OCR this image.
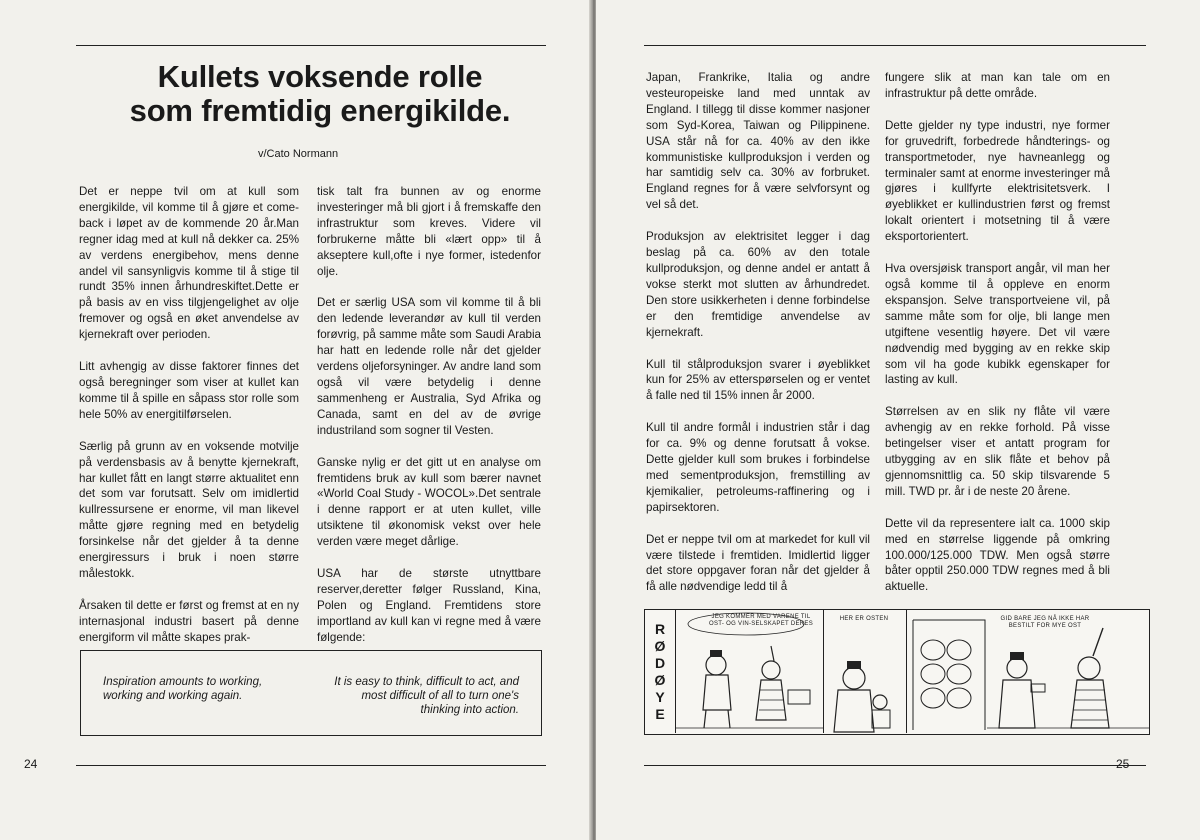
Kullets voksende rolle
som fremtidig energikilde.

v/Cato Normann

Det er neppe tvil om at kull som energikilde, vil komme til å gjøre et come-back i løpet av de kommende 20 år.Man regner idag med at kull nå dekker ca. 25% av verdens energibehov, mens denne andel vil sansynligvis komme til å stige til rundt 35% innen århundreskiftet.Dette er på basis av en viss tilgjengelighet av olje fremover og også en øket anvendelse av kjernekraft over perioden.

Litt avhengig av disse faktorer finnes det også beregninger som viser at kullet kan komme til å spille en såpass stor rolle som hele 50% av energitilførselen.

Særlig på grunn av en voksende motvilje på verdensbasis av å benytte kjernekraft, har kullet fått en langt større aktualitet enn det som var forutsatt. Selv om imidlertid kullressursene er enorme, vil man likevel måtte gjøre regning med en betydelig forsinkelse når det gjelder å ta denne energiressurs i bruk i noen større målestokk.

Årsaken til dette er først og fremst at en ny internasjonal industri basert på denne energiform vil måtte skapes prak-

tisk talt fra bunnen av og enorme investeringer må bli gjort i å fremskaffe den infrastruktur som kreves. Videre vil forbrukerne måtte bli «lært opp» til å akseptere kull,ofte i nye former, istedenfor olje.

Det er særlig USA som vil komme til å bli den ledende leverandør av kull til verden forøvrig, på samme måte som Saudi Arabia har hatt en ledende rolle når det gjelder verdens oljeforsyninger. Av andre land som også vil være betydelig i denne sammenheng er Australia, Syd Afrika og Canada, samt en del av de øvrige industriland som sogner til Vesten.

Ganske nylig er det gitt ut en analyse om fremtidens bruk av kull som bærer navnet «World Coal Study - WOCOL».Det sentrale i denne rapport er at uten kullet, ville utsiktene til økonomisk vekst over hele verden være meget dårlige.

USA har de største utnyttbare reserver,deretter følger Russland, Kina, Polen og England. Fremtidens store importland av kull kan vi regne med å være følgende:

Inspiration amounts to working, working and working again.

It is easy to think, difficult to act, and most difficult of all to turn one's thinking into action.

24

Japan, Frankrike, Italia og andre vesteuropeiske land med unntak av England. I tillegg til disse kommer nasjoner som Syd-Korea, Taiwan og Pilippinene. USA står nå for ca. 40% av den ikke kommunistiske kullproduksjon i verden og har samtidig selv ca. 30% av forbruket. England regnes for å være selvforsynt og vel så det.

Produksjon av elektrisitet legger i dag beslag på ca. 60% av den totale kullproduksjon, og denne andel er antatt å vokse sterkt mot slutten av århundredet. Den store usikkerheten i denne forbindelse er den fremtidige anvendelse av kjernekraft.

Kull til stålproduksjon svarer i øyeblikket kun for 25% av etterspørselen og er ventet å falle ned til 15% innen år 2000.

Kull til andre formål i industrien står i dag for ca. 9% og denne forutsatt å vokse. Dette gjelder kull som brukes i forbindelse med sementproduksjon, fremstilling av kjemikalier, petroleums-raffinering og i papirsektoren.

Det er neppe tvil om at markedet for kull vil være tilstede i fremtiden. Imidlertid ligger det store oppgaver foran når det gjelder å få alle nødvendige ledd til å

fungere slik at man kan tale om en infrastruktur på dette område.

Dette gjelder ny type industri, nye former for gruvedrift, forbedrede håndterings- og transportmetoder, nye havneanlegg og terminaler samt at enorme investeringer må gjøres i kullfyrte elektrisitetsverk. I øyeblikket er kullindustrien først og fremst lokalt orientert i motsetning til å være eksportorientert.

Hva oversjøisk transport angår, vil man her også komme til å oppleve en enorm ekspansjon. Selve transportveiene vil, på samme måte som for olje, bli lange men utgiftene vesentlig høyere. Det vil være nødvendig med bygging av en rekke skip som vil ha gode kubikk egenskaper for lasting av kull.

Størrelsen av en slik ny flåte vil være avhengig av en rekke forhold. På visse betingelser viser et antatt program for utbygging av en slik flåte et behov på gjennomsnittlig ca. 50 skip tilsvarende 5 mill. TWD pr. år i de neste 20 årene.

Dette vil da representere ialt ca. 1000 skip med en størrelse liggende på omkring 100.000/125.000 TDW. Men også større båter opptil 250.000 TDW regnes med å bli aktuelle.

RØDØYE

JEG KOMMER MED VARENE TIL OST- OG VIN-SELSKAPET DERES

HER ER OSTEN	GID BARE JEG NÅ IKKE HAR BESTILT FOR MYE OST

25
